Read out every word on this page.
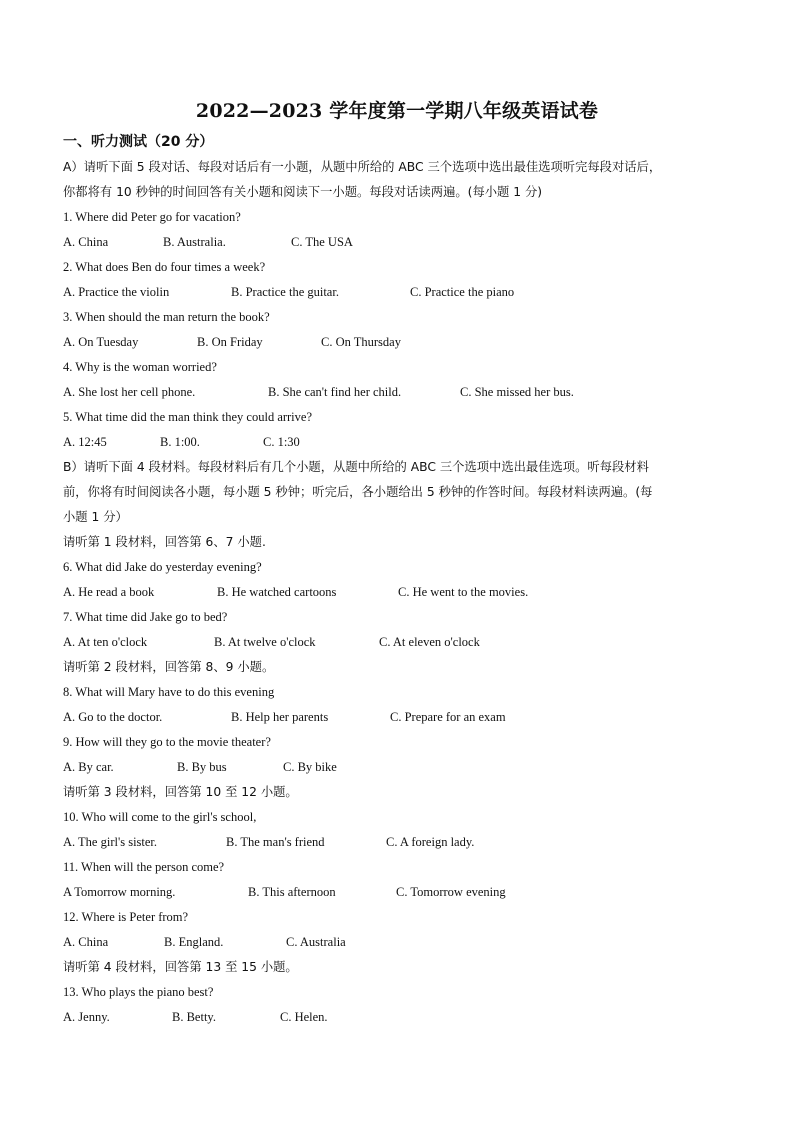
2022—2023 学年度第一学期八年级英语试卷
一、听力测试（20 分）
A）请听下面 5 段对话、每段对话后有一小题，从题中所给的 ABC 三个选项中选出最佳选项听完每段对话后，
你都将有 10 秒钟的时间回答有关小题和阅读下一小题。每段对话读两遍。(每小题 1 分)
1. Where did Peter go for vacation?
A. China	B. Australia.	C. The USA
2. What does Ben do four times a week?
A. Practice the violin	B. Practice the guitar.	C. Practice the piano
3. When should the man return the book?
A. On Tuesday	B. On Friday	C. On Thursday
4. Why is the woman worried?
A. She lost her cell phone.	B. She can't find her child.	C. She missed her bus.
5. What time did the man think they could arrive?
A. 12:45	B. 1:00.	C. 1:30
B）请听下面 4 段材料。每段材料后有几个小题，从题中所给的 ABC 三个选项中选出最佳选项。听每段材料
前，你将有时间阅读各小题，每小题 5 秒钟；听完后，各小题给出 5 秒钟的作答时间。每段材料读两遍。(每
小题 1 分）
请听第 1 段材料，回答第 6、7 小题.
6. What did Jake do yesterday evening?
A. He read a book	B. He watched cartoons	C. He went to the movies.
7. What time did Jake go to bed?
A. At ten o'clock	B. At twelve o'clock	C. At eleven o'clock
请听第 2 段材料，回答第 8、9 小题。
8. What will Mary have to do this evening
A. Go to the doctor.	B. Help her parents	C. Prepare for an exam
9. How will they go to the movie theater?
A. By car.	B. By bus	C. By bike
请听第 3 段材料，回答第 10 至 12 小题。
10. Who will come to the girl's school,
A. The girl's sister.	B. The man's friend	C. A foreign lady.
11. When will the person come?
A Tomorrow morning.	B. This afternoon	C. Tomorrow evening
12. Where is Peter from?
A. China	B. England.	C. Australia
请听第 4 段材料，回答第 13 至 15 小题。
13. Who plays the piano best?
A. Jenny.	B. Betty.	C. Helen.
